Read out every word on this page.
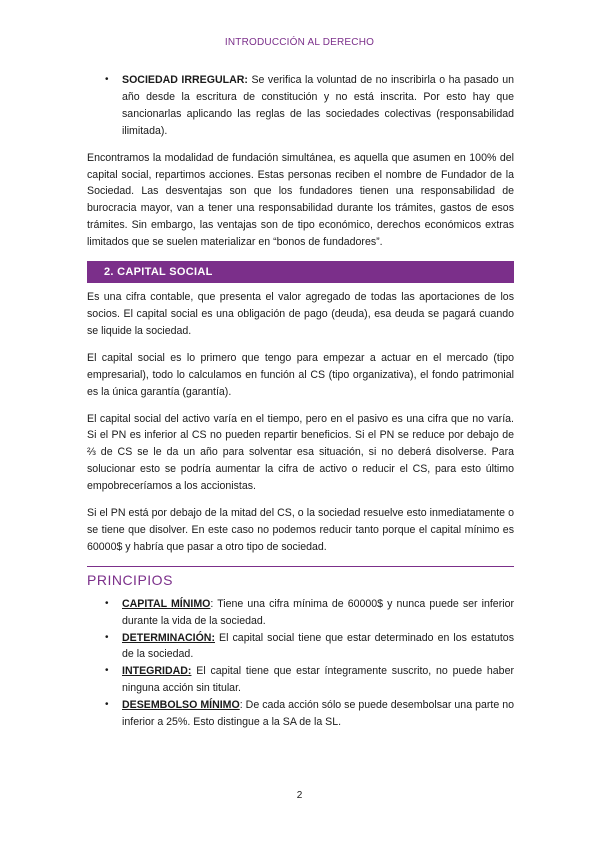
INTRODUCCIÓN AL DERECHO
• SOCIEDAD IRREGULAR: Se verifica la voluntad de no inscribirla o ha pasado un año desde la escritura de constitución y no está inscrita. Por esto hay que sancionarlas aplicando las reglas de las sociedades colectivas (responsabilidad ilimitada).

Encontramos la modalidad de fundación simultánea, es aquella que asumen en 100% del capital social, repartimos acciones. Estas personas reciben el nombre de Fundador de la Sociedad. Las desventajas son que los fundadores tienen una responsabilidad de burocracia mayor, van a tener una responsabilidad durante los trámites, gastos de esos trámites. Sin embargo, las ventajas son de tipo económico, derechos económicos extras limitados que se suelen materializar en “bonos de fundadores”.

2. CAPITAL SOCIAL

Es una cifra contable, que presenta el valor agregado de todas las aportaciones de los socios. El capital social es una obligación de pago (deuda), esa deuda se pagará cuando se liquide la sociedad.

El capital social es lo primero que tengo para empezar a actuar en el mercado (tipo empresarial), todo lo calculamos en función al CS (tipo organizativa), el fondo patrimonial es la única garantía (garantía).

El capital social del activo varía en el tiempo, pero en el pasivo es una cifra que no varía. Si el PN es inferior al CS no pueden repartir beneficios. Si el PN se reduce por debajo de ⅔ de CS se le da un año para solventar esa situación, si no deberá disolverse. Para solucionar esto se podría aumentar la cifra de activo o reducir el CS, para esto último empobreceríamos a los accionistas.

Si el PN está por debajo de la mitad del CS, o la sociedad resuelve esto inmediatamente o se tiene que disolver. En este caso no podemos reducir tanto porque el capital mínimo es 60000$ y habría que pasar a otro tipo de sociedad.

PRINCIPIOS
• CAPITAL MÍNIMO: Tiene una cifra mínima de 60000$ y nunca puede ser inferior durante la vida de la sociedad.
• DETERMINACIÓN: El capital social tiene que estar determinado en los estatutos de la sociedad.
• INTEGRIDAD: El capital tiene que estar íntegramente suscrito, no puede haber ninguna acción sin titular.
• DESEMBOLSO MÍNIMO: De cada acción sólo se puede desembolsar una parte no inferior a 25%. Esto distingue a la SA de la SL.
2
